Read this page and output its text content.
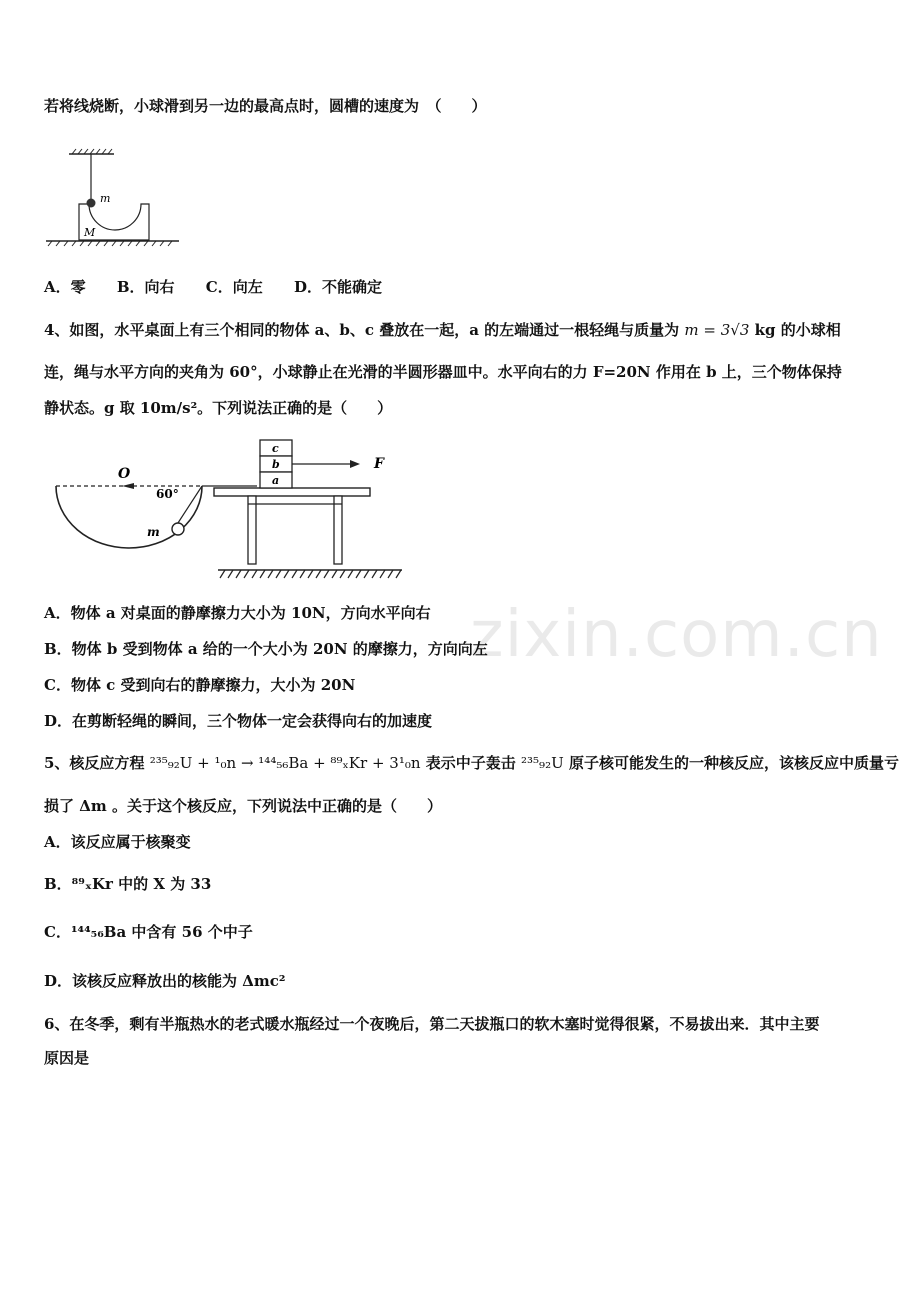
若将线烧断，小球滑到另一边的最高点时，圆槽的速度为　（　　）
m
M
A．零 B．向右 C．向左 D．不能确定
4、如图，水平桌面上有三个相同的物体 a、b、c 叠放在一起，a 的左端通过一根轻绳与质量为 m = 3√3 kg 的小球相
连，绳与水平方向的夹角为 60°，小球静止在光滑的半圆形器皿中。水平向右的力 F=20N 作用在 b 上，三个物体保持
静状态。g 取 10m/s²。下列说法正确的是（　　）
O
60°
m
c
b
a
F
A．物体 a 对桌面的静摩擦力大小为 10N，方向水平向右
B．物体 b 受到物体 a 给的一个大小为 20N 的摩擦力，方向向左
C．物体 c 受到向右的静摩擦力，大小为 20N
D．在剪断轻绳的瞬间，三个物体一定会获得向右的加速度
zixin.com.cn
5、核反应方程 ²³⁵₉₂U + ¹₀n → ¹⁴⁴₅₆Ba + ⁸⁹ₓKr + 3¹₀n 表示中子轰击 ²³⁵₉₂U 原子核可能发生的一种核反应，该核反应中质量亏
损了 Δm 。关于这个核反应，下列说法中正确的是（　　）
A．该反应属于核聚变
B．⁸⁹ₓKr 中的 X 为 33
C．¹⁴⁴₅₆Ba 中含有 56 个中子
D．该核反应释放出的核能为 Δmc²
6、在冬季，剩有半瓶热水的老式暖水瓶经过一个夜晚后，第二天拔瓶口的软木塞时觉得很紧，不易拔出来．其中主要
原因是
